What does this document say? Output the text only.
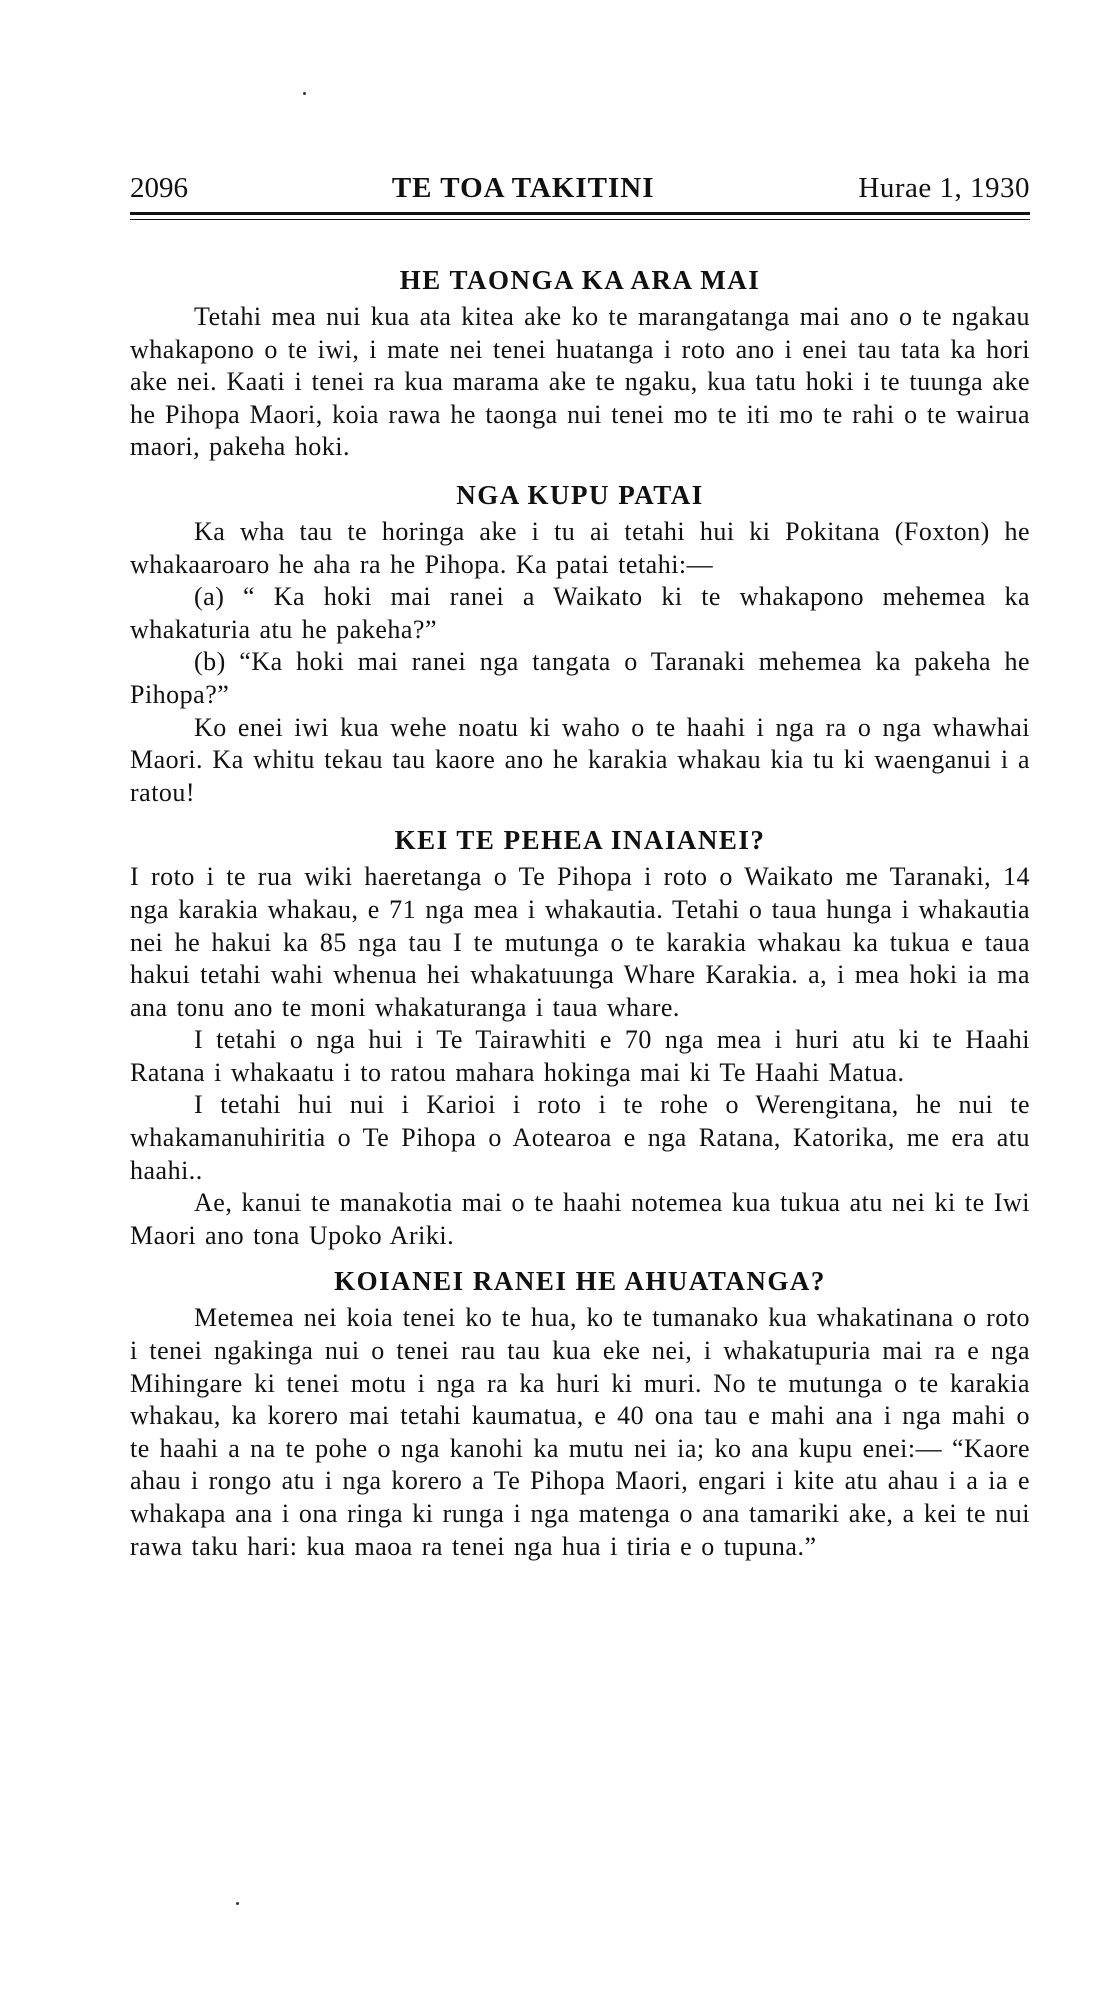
2096	TE TOA TAKITINI	Hurae 1, 1930
HE TAONGA KA ARA MAI

Tetahi mea nui kua ata kitea ake ko te marangatanga mai ano o te ngakau whakapono o te iwi, i mate nei tenei huatanga i roto ano i enei tau tata ka hori ake nei. Kaati i tenei ra kua marama ake te ngaku, kua tatu hoki i te tuunga ake he Pihopa Maori, koia rawa he taonga nui tenei mo te iti mo te rahi o te wairua maori, pakeha hoki.

NGA KUPU PATAI

Ka wha tau te horinga ake i tu ai tetahi hui ki Pokitana (Foxton) he whakaaroaro he aha ra he Pihopa. Ka patai tetahi:—

(a) “ Ka hoki mai ranei a Waikato ki te whakapono mehemea ka whakaturia atu he pakeha?”

(b) “Ka hoki mai ranei nga tangata o Taranaki mehemea ka pakeha he Pihopa?”

Ko enei iwi kua wehe noatu ki waho o te haahi i nga ra o nga whawhai Maori. Ka whitu tekau tau kaore ano he karakia whakau kia tu ki waenganui i a ratou!

KEI TE PEHEA INAIANEI?

I roto i te rua wiki haeretanga o Te Pihopa i roto o Waikato me Taranaki, 14 nga karakia whakau, e 71 nga mea i whakautia. Tetahi o taua hunga i whakautia nei he hakui ka 85 nga tau I te mutunga o te karakia whakau ka tukua e taua hakui tetahi wahi whenua hei whakatuunga Whare Karakia. a, i mea hoki ia ma ana tonu ano te moni whakaturanga i taua whare.

I tetahi o nga hui i Te Tairawhiti e 70 nga mea i huri atu ki te Haahi Ratana i whakaatu i to ratou mahara hokinga mai ki Te Haahi Matua.

I tetahi hui nui i Karioi i roto i te rohe o Werengitana, he nui te whakamanuhiritia o Te Pihopa o Aotearoa e nga Ratana, Katorika, me era atu haahi..

Ae, kanui te manakotia mai o te haahi notemea kua tukua atu nei ki te Iwi Maori ano tona Upoko Ariki.

KOIANEI RANEI HE AHUATANGA?

Metemea nei koia tenei ko te hua, ko te tumanako kua whakatinana o roto i tenei ngakinga nui o tenei rau tau kua eke nei, i whakatupuria mai ra e nga Mihingare ki tenei motu i nga ra ka huri ki muri. No te mutunga o te karakia whakau, ka korero mai tetahi kaumatua, e 40 ona tau e mahi ana i nga mahi o te haahi a na te pohe o nga kanohi ka mutu nei ia; ko ana kupu enei:— “Kaore ahau i rongo atu i nga korero a Te Pihopa Maori, engari i kite atu ahau i a ia e whakapa ana i ona ringa ki runga i nga matenga o ana tamariki ake, a kei te nui rawa taku hari: kua maoa ra tenei nga hua i tiria e o tupuna.”
